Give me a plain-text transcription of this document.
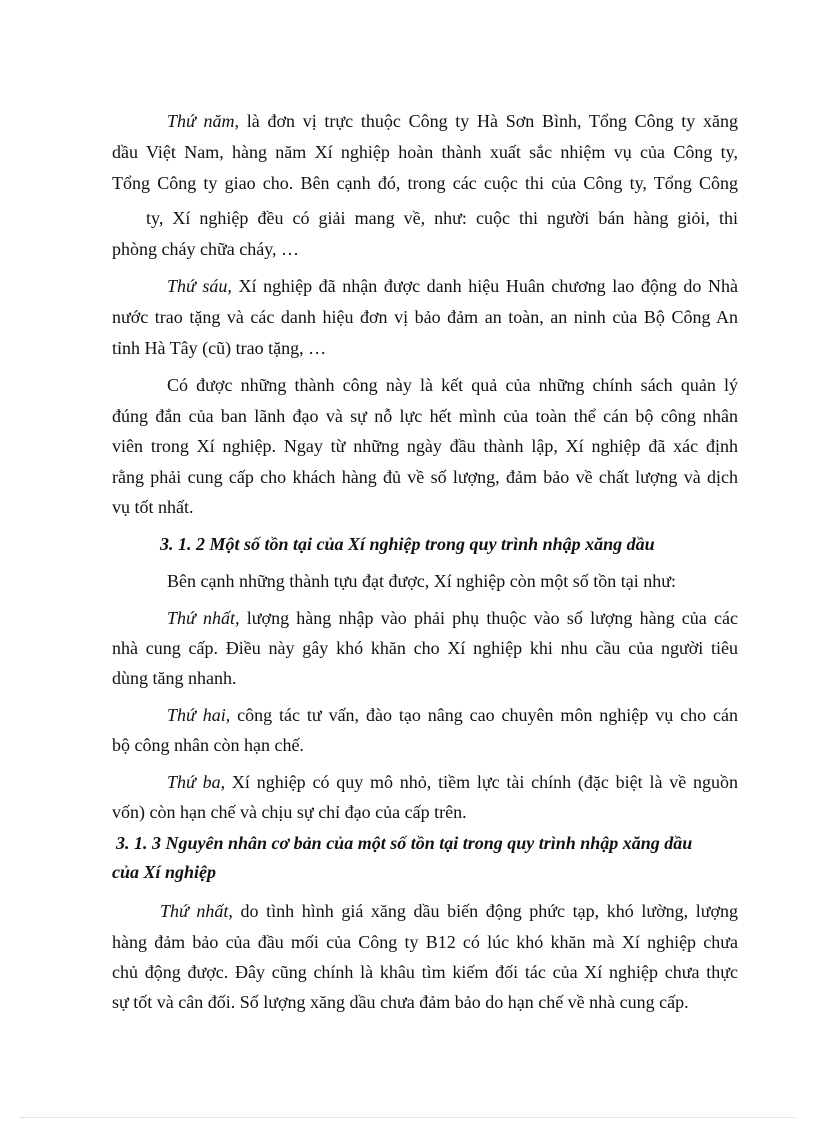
Thứ năm, là đơn vị trực thuộc Công ty Hà Sơn Bình, Tổng Công ty xăng
dầu Việt Nam, hàng năm Xí nghiệp hoàn thành xuất sắc nhiệm vụ của Công ty,
Tổng Công ty giao cho. Bên cạnh đó, trong các cuộc thi của Công ty, Tổng Công
ty, Xí nghiệp đều có giải mang về, như: cuộc thi người bán hàng giỏi, thi
phòng cháy chữa cháy, …
Thứ sáu, Xí nghiệp đã nhận được danh hiệu Huân chương lao động do Nhà
nước trao tặng và các danh hiệu đơn vị bảo đảm an toàn, an ninh của Bộ Công An
tỉnh Hà Tây (cũ) trao tặng, …
Có được những thành công này là kết quả của những chính sách quản lý
đúng đắn của ban lãnh đạo và sự nỗ lực hết mình của toàn thể cán bộ công nhân
viên trong Xí nghiệp. Ngay từ những ngày đầu thành lập, Xí nghiệp đã xác định
rằng phải cung cấp cho khách hàng đủ về số lượng, đảm bảo về chất lượng và dịch
vụ tốt nhất.
3. 1. 2 Một số tồn tại của Xí nghiệp trong quy trình nhập xăng dầu
Bên cạnh những thành tựu đạt được, Xí nghiệp còn một số tồn tại như:
Thứ nhất, lượng hàng nhập vào phải phụ thuộc vào số lượng hàng của các
nhà cung cấp. Điều này gây khó khăn cho Xí nghiệp khi nhu cầu của người tiêu
dùng tăng nhanh.
Thứ hai, công tác tư vấn, đào tạo nâng cao chuyên môn nghiệp vụ cho cán
bộ công nhân còn hạn chế.
Thứ ba, Xí nghiệp có quy mô nhỏ, tiềm lực tài chính (đặc biệt là về nguồn
vốn) còn hạn chế và chịu sự chỉ đạo của cấp trên.
3. 1. 3 Nguyên nhân cơ bản của một số tồn tại trong quy trình nhập xăng dầu
của Xí nghiệp
Thứ nhất, do tình hình giá xăng dầu biến động phức tạp, khó lường, lượng
hàng đảm bảo của đầu mối của Công ty B12 có lúc khó khăn mà Xí nghiệp chưa
chủ động được. Đây cũng chính là khâu tìm kiếm đối tác của Xí nghiệp chưa thực
sự tốt và cân đối. Số lượng xăng dầu chưa đảm bảo do hạn chế về nhà cung cấp.
